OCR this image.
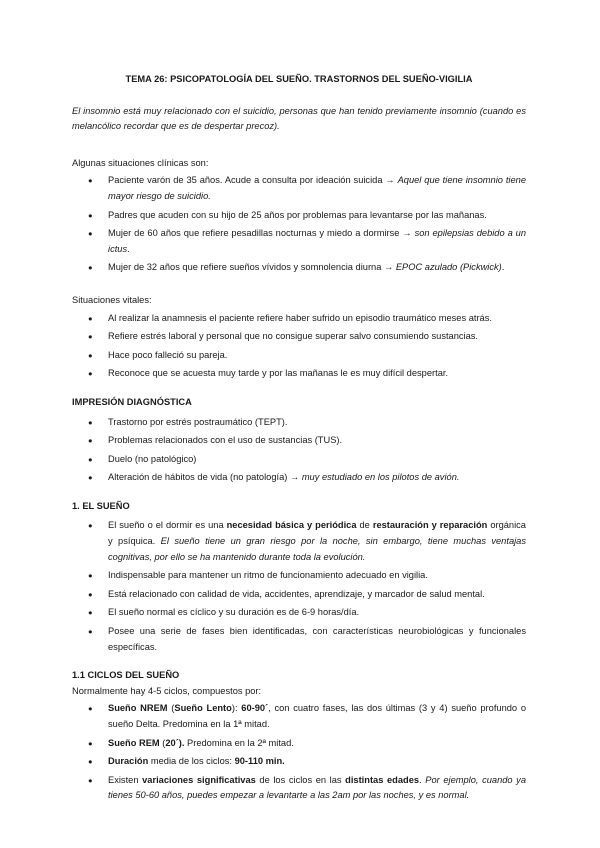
TEMA 26: PSICOPATOLOGÍA DEL SUEÑO. TRASTORNOS DEL SUEÑO-VIGILIA

El insomnio está muy relacionado con el suicidio, personas que han tenido previamente insomnio (cuando es melancólico recordar que es de despertar precoz).

Algunas situaciones clínicas son:

● Paciente varón de 35 años. Acude a consulta por ideación suicida → Aquel que tiene insomnio tiene mayor riesgo de suicidio.
● Padres que acuden con su hijo de 25 años por problemas para levantarse por las mañanas.
● Mujer de 60 años que refiere pesadillas nocturnas y miedo a dormirse → son epilepsias debido a un ictus.
● Mujer de 32 años que refiere sueños vívidos y somnolencia diurna → EPOC azulado (Pickwick).

Situaciones vitales:

● Al realizar la anamnesis el paciente refiere haber sufrido un episodio traumático meses atrás.
● Refiere estrés laboral y personal que no consigue superar salvo consumiendo sustancias.
● Hace poco falleció su pareja.
● Reconoce que se acuesta muy tarde y por las mañanas le es muy difícil despertar.

IMPRESIÓN DIAGNÓSTICA

● Trastorno por estrés postraumático (TEPT).
● Problemas relacionados con el uso de sustancias (TUS).
● Duelo (no patológico)
● Alteración de hábitos de vida (no patología) → muy estudiado en los pilotos de avión.

1. EL SUEÑO

● El sueño o el dormir es una necesidad básica y periódica de restauración y reparación orgánica y psíquica. El sueño tiene un gran riesgo por la noche, sin embargo, tiene muchas ventajas cognitivas, por ello se ha mantenido durante toda la evolución.
● Indispensable para mantener un ritmo de funcionamiento adecuado en vigilia.
● Está relacionado con calidad de vida, accidentes, aprendizaje, y marcador de salud mental.
● El sueño normal es cíclico y su duración es de 6-9 horas/día.
● Posee una serie de fases bien identificadas, con características neurobiológicas y funcionales específicas.

1.1 CICLOS DEL SUEÑO

Normalmente hay 4-5 ciclos, compuestos por:

● Sueño NREM (Sueño Lento): 60-90´, con cuatro fases, las dos últimas (3 y 4) sueño profundo o sueño Delta. Predomina en la 1ª mitad.
● Sueño REM (20´). Predomina en la 2ª mitad.
● Duración media de los ciclos: 90-110 min.
● Existen variaciones significativas de los ciclos en las distintas edades. Por ejemplo, cuando ya tienes 50-60 años, puedes empezar a levantarte a las 2am por las noches, y es normal.
